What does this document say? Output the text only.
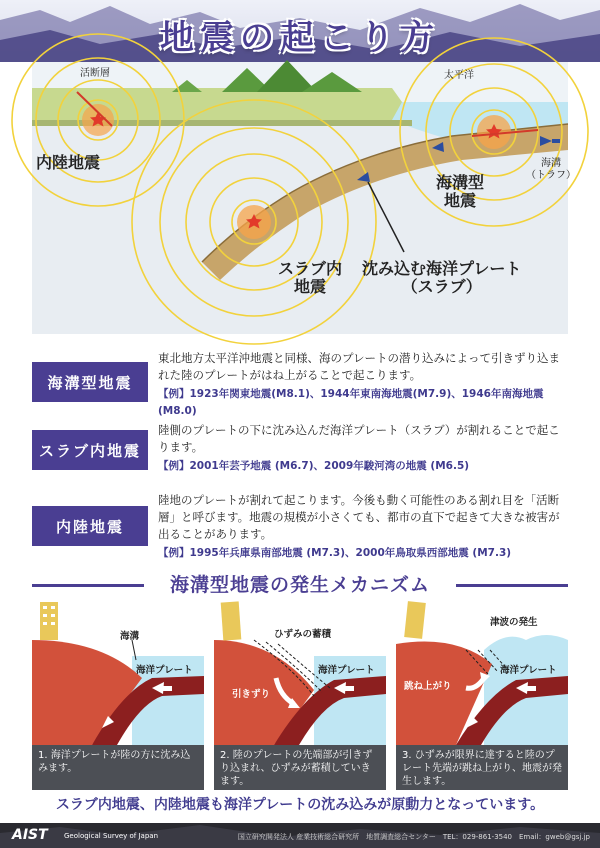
地震の起こり方
活断層	太平洋
内陸地震
海溝型
地震
海溝
（トラフ）
スラブ内
地震
沈み込む海洋プレート
（スラブ）
海溝型地震
東北地方太平洋沖地震と同様、海のプレートの潜り込みによって引きずり込まれた陸のプレートがはね上がることで起こります。
【例】1923年関東地震(M8.1)、1944年東南海地震(M7.9)、1946年南海地震(M8.0)
スラブ内地震
陸側のプレートの下に沈み込んだ海洋プレート（スラブ）が割れることで起こります。
【例】2001年芸予地震 (M6.7)、2009年駿河湾の地震 (M6.5)
内陸地震
陸地のプレートが割れて起こります。今後も動く可能性のある割れ目を「活断層」と呼びます。地震の規模が小さくても、都市の直下で起きて大きな被害が出ることがあります。
【例】1995年兵庫県南部地震 (M7.3)、2000年鳥取県西部地震 (M7.3)
海溝型地震の発生メカニズム
海溝
海洋プレート
1. 海洋プレートが陸の方に沈み込みます。
ひずみの蓄積
海洋プレート
引きずり
2. 陸のプレートの先端部が引きずり込まれ、ひずみが蓄積していきます。
津波の発生
海洋プレート
跳ね上がり
3. ひずみが限界に達すると陸のプレート先端が跳ね上がり、地震が発生します。
スラブ内地震、内陸地震も海洋プレートの沈み込みが原動力となっています。
AIST Geological Survey of Japan	国立研究開発法人 産業技術総合研究所　地質調査総合センター　TEL：029-861-3540　Email：gweb@gsj.jp
